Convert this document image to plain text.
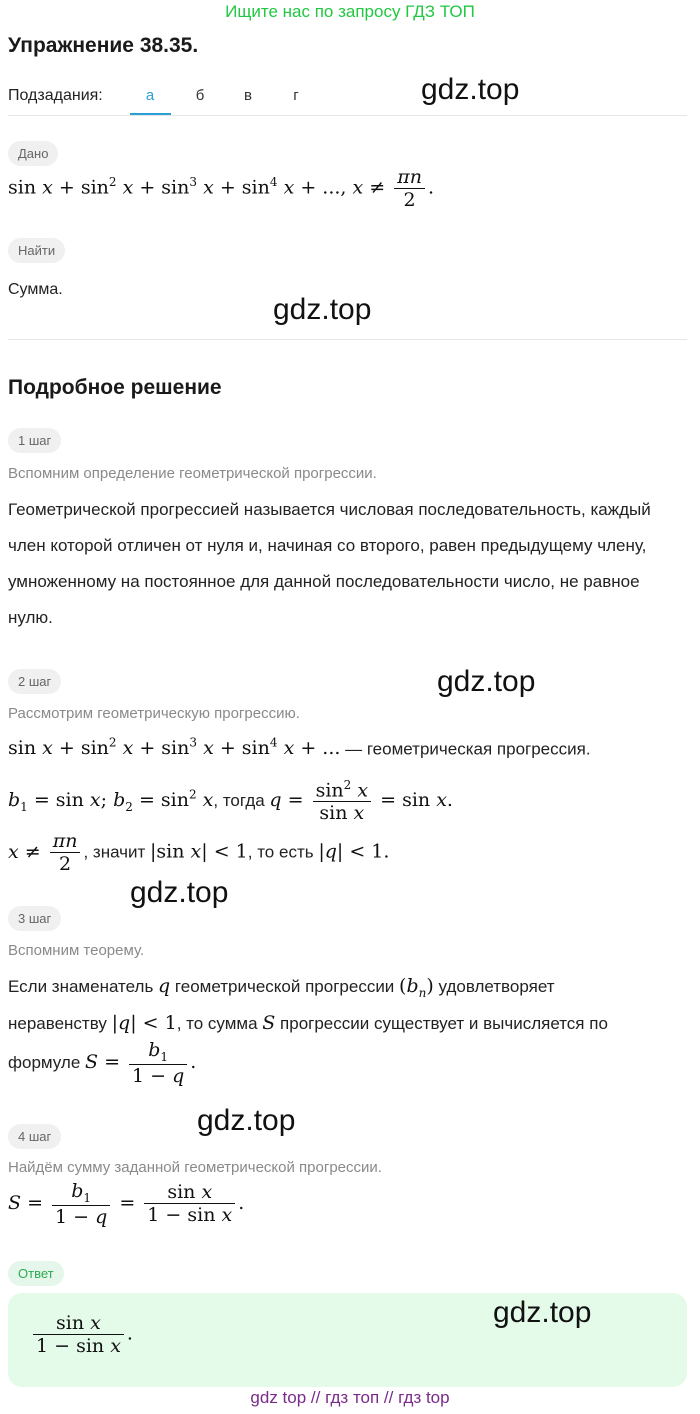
Ищите нас по запросу ГДЗ ТОП
Упражнение 38.35.
Подзадания:	а	б	в	г	gdz.top
Дано
$\sin x + \sin^2 x + \sin^3 x + \sin^4 x$ + ..., $x \ne \frac{\pi n}{2}$ .
Найти
Сумма.
gdz.top
Подробное решение
1 шаг
Вспомним определение геометрической прогрессии.
Геометрической прогрессией называется числовая последовательность, каждый член которой отличен от нуля и, начиная со второго, равен предыдущему члену, умноженному на постоянное для данной последовательности число, не равное нулю.
2 шаг	gdz.top
Рассмотрим геометрическую прогрессию.
$\sin x + \sin^2 x + \sin^3 x + \sin^4 x$ + ... — геометрическая прогрессия.
$b_1 = \sin x$; $b_2 = \sin^2 x$, тогда $q = \frac{\sin^2 x}{\text{sin x}} = \sin x$.
$x \ne \frac{\pi n}{2}$ , значит |sin x| < 1, то есть |q| < 1.
gdz.top
3 шаг
Вспомним теорему.
Если знаменатель q геометрической прогрессии $(b_n)$ удовлетворяет
неравенству |q| < 1, то сумма S прогрессии существует и вычисляется по
формуле $S = \frac{b_1}{1 - q}$ .
gdz.top
4 шаг
Найдём сумму заданной геометрической прогрессии.
$S = \frac{b_1}{1 - q} = \frac{\text{sin x}}{\text{1 − sin x}}$ .
Ответ
gdz.top
$\frac{\text{sin x}}{\text{1 − sin x}}$ .
gdz top // гдз топ // гдз top
